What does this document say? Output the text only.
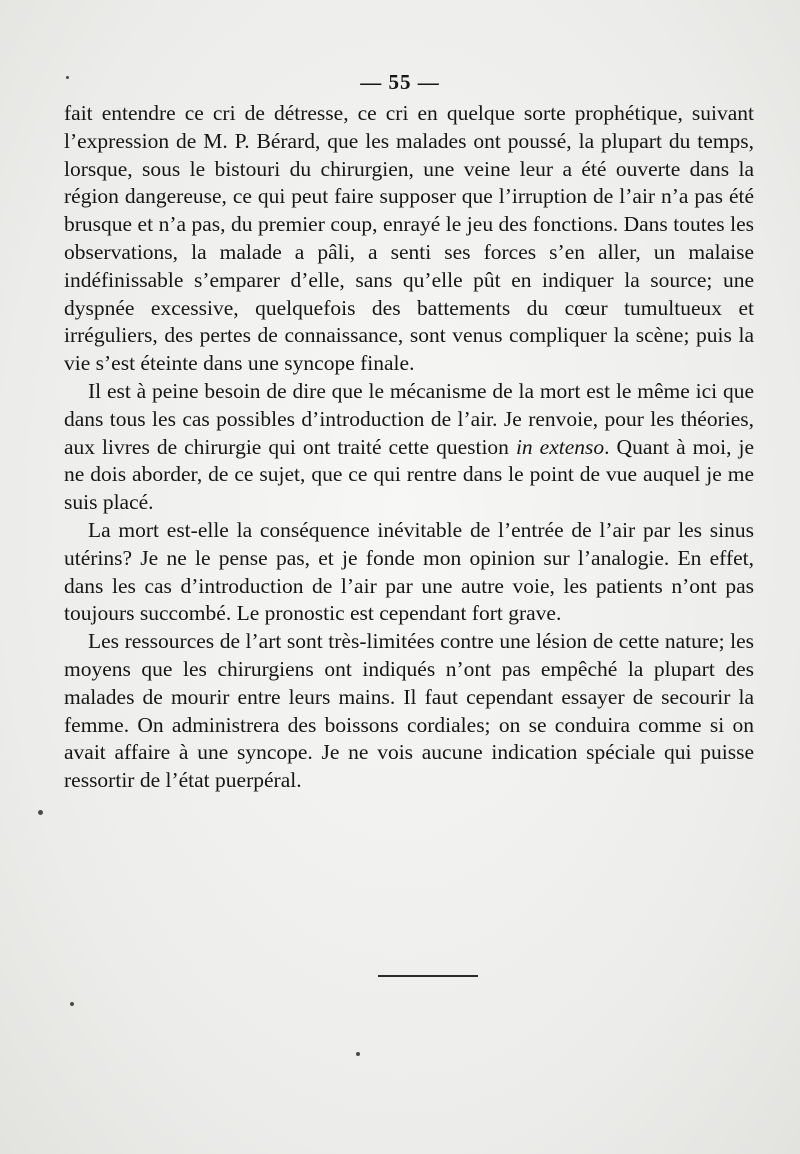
— 55 —

fait entendre ce cri de détresse, ce cri en quelque sorte prophétique, suivant l’expression de M. P. Bérard, que les malades ont poussé, la plupart du temps, lorsque, sous le bistouri du chirurgien, une veine leur a été ouverte dans la région dangereuse, ce qui peut faire supposer que l’irruption de l’air n’a pas été brusque et n’a pas, du premier coup, enrayé le jeu des fonctions. Dans toutes les observations, la malade a pâli, a senti ses forces s’en aller, un malaise indéfinissable s’emparer d’elle, sans qu’elle pût en indiquer la source; une dyspnée excessive, quelquefois des battements du cœur tumultueux et irréguliers, des pertes de connaissance, sont venus compliquer la scène; puis la vie s’est éteinte dans une syncope finale.

Il est à peine besoin de dire que le mécanisme de la mort est le même ici que dans tous les cas possibles d’introduction de l’air. Je renvoie, pour les théories, aux livres de chirurgie qui ont traité cette question in extenso. Quant à moi, je ne dois aborder, de ce sujet, que ce qui rentre dans le point de vue auquel je me suis placé.

La mort est-elle la conséquence inévitable de l’entrée de l’air par les sinus utérins? Je ne le pense pas, et je fonde mon opinion sur l’analogie. En effet, dans les cas d’introduction de l’air par une autre voie, les patients n’ont pas toujours succombé. Le pronostic est cependant fort grave.

Les ressources de l’art sont très-limitées contre une lésion de cette nature; les moyens que les chirurgiens ont indiqués n’ont pas empêché la plupart des malades de mourir entre leurs mains. Il faut cependant essayer de secourir la femme. On administrera des boissons cordiales; on se conduira comme si on avait affaire à une syncope. Je ne vois aucune indication spéciale qui puisse ressortir de l’état puerpéral.
